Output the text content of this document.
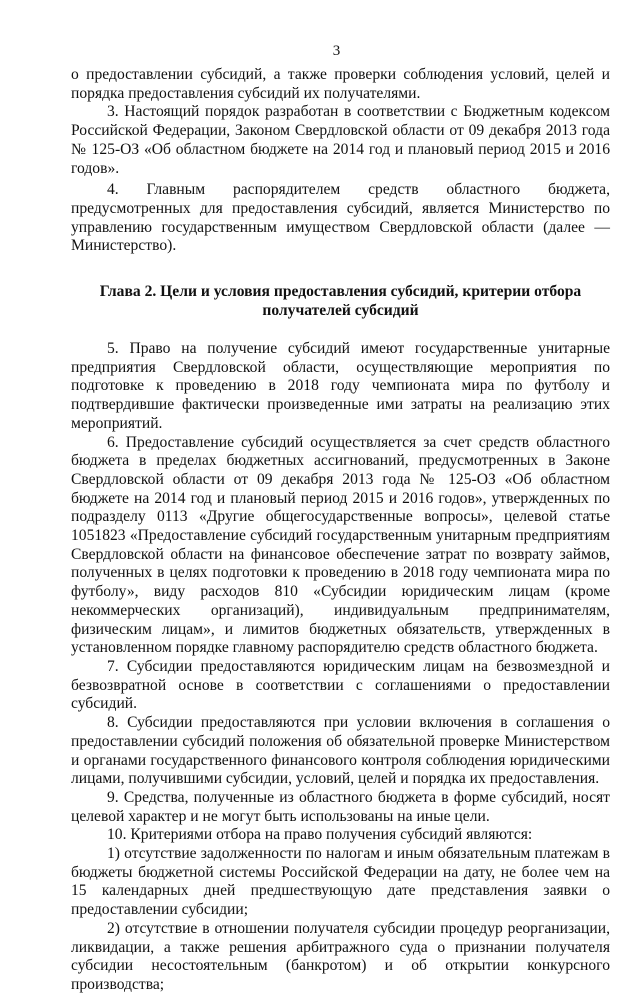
3

о предоставлении субсидий, а также проверки соблюдения условий, целей и порядка предоставления субсидий их получателями.

3. Настоящий порядок разработан в соответствии с Бюджетным кодексом Российской Федерации, Законом Свердловской области от 09 декабря 2013 года № 125-ОЗ «Об областном бюджете на 2014 год и плановый период 2015 и 2016 годов».

4. Главным распорядителем средств областного бюджета, предусмотренных для предоставления субсидий, является Министерство по управлению государственным имуществом Свердловской области (далее — Министерство).

Глава 2. Цели и условия предоставления субсидий, критерии отбора получателей субсидий

5. Право на получение субсидий имеют государственные унитарные предприятия Свердловской области, осуществляющие мероприятия по подготовке к проведению в 2018 году чемпионата мира по футболу и подтвердившие фактически произведенные ими затраты на реализацию этих мероприятий.

6. Предоставление субсидий осуществляется за счет средств областного бюджета в пределах бюджетных ассигнований, предусмотренных в Законе Свердловской области от 09 декабря 2013 года № 125-ОЗ «Об областном бюджете на 2014 год и плановый период 2015 и 2016 годов», утвержденных по подразделу 0113 «Другие общегосударственные вопросы», целевой статье 1051823 «Предоставление субсидий государственным унитарным предприятиям Свердловской области на финансовое обеспечение затрат по возврату займов, полученных в целях подготовки к проведению в 2018 году чемпионата мира по футболу», виду расходов 810 «Субсидии юридическим лицам (кроме некоммерческих организаций), индивидуальным предпринимателям, физическим лицам», и лимитов бюджетных обязательств, утвержденных в установленном порядке главному распорядителю средств областного бюджета.

7. Субсидии предоставляются юридическим лицам на безвозмездной и безвозвратной основе в соответствии с соглашениями о предоставлении субсидий.

8. Субсидии предоставляются при условии включения в соглашения о предоставлении субсидий положения об обязательной проверке Министерством и органами государственного финансового контроля соблюдения юридическими лицами, получившими субсидии, условий, целей и порядка их предоставления.

9. Средства, полученные из областного бюджета в форме субсидий, носят целевой характер и не могут быть использованы на иные цели.

10. Критериями отбора на право получения субсидий являются:

1) отсутствие задолженности по налогам и иным обязательным платежам в бюджеты бюджетной системы Российской Федерации на дату, не более чем на 15 календарных дней предшествующую дате представления заявки о предоставлении субсидии;

2) отсутствие в отношении получателя субсидии процедур реорганизации, ликвидации, а также решения арбитражного суда о признании получателя субсидии несостоятельным (банкротом) и об открытии конкурсного производства;
